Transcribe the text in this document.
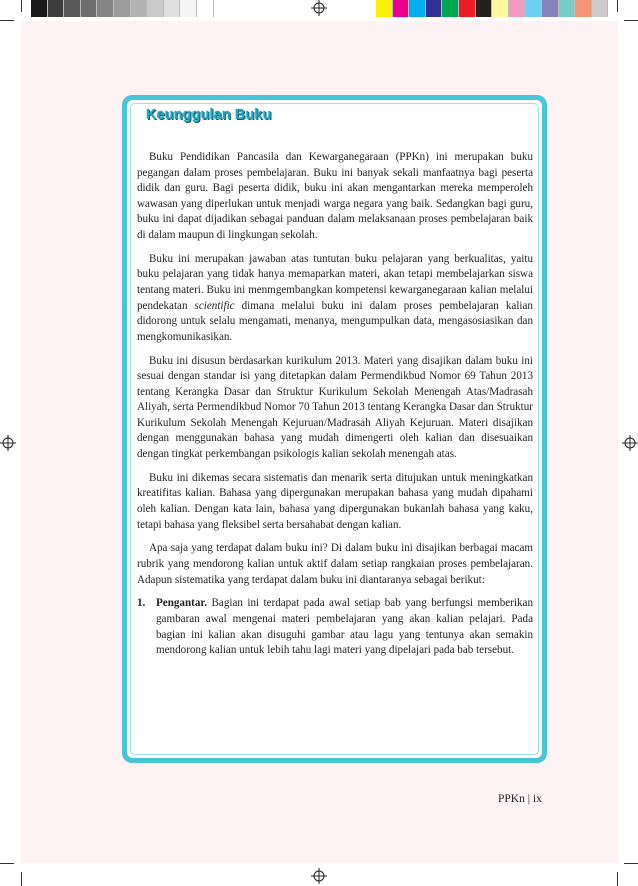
Keunggulan Buku

Buku Pendidikan Pancasila dan Kewarganegaraan (PPKn) ini merupakan buku pegangan dalam proses pembelajaran. Buku ini banyak sekali manfaatnya bagi peserta didik dan guru. Bagi peserta didik, buku ini akan mengantarkan mereka memperoleh wawasan yang diperlukan untuk menjadi warga negara yang baik. Sedangkan bagi guru, buku ini dapat dijadikan sebagai panduan dalam melaksanaan proses pembelajaran baik di dalam maupun di lingkungan sekolah.

Buku ini merupakan jawaban atas tuntutan buku pelajaran yang berkualitas, yaitu buku pelajaran yang tidak hanya memaparkan materi, akan tetapi membelajarkan siswa tentang materi. Buku ini menmgembangkan kompetensi kewarganegaraan kalian melalui pendekatan scientific dimana melalui buku ini dalam proses pembelajaran kalian didorong untuk selalu mengamati, menanya, mengumpulkan data, mengasosiasikan dan mengkomunikasikan.

Buku ini disusun berdasarkan kurikulum 2013. Materi yang disajikan dalam buku ini sesuai dengan standar isi yang ditetapkan dalam Permendikbud Nomor 69 Tahun 2013 tentang Kerangka Dasar dan Struktur Kurikulum Sekolah Menengah Atas/Madrasah Aliyah, serta Permendikbud Nomor 70 Tahun 2013 tentang Kerangka Dasar dan Struktur Kurikulum Sekolah Menengah Kejuruan/Madrasah Aliyah Kejuruan. Materi disajikan dengan menggunakan bahasa yang mudah dimengerti oleh kalian dan disesuaikan dengan tingkat perkembangan psikologis kalian sekolah menengah atas.

Buku ini dikemas secara sistematis dan menarik serta ditujukan untuk meningkatkan kreatifitas kalian. Bahasa yang dipergunakan merupakan bahasa yang mudah dipahami oleh kalian. Dengan kata lain, bahasa yang dipergunakan bukanlah bahasa yang kaku, tetapi bahasa yang fleksibel serta bersahabat dengan kalian.

Apa saja yang terdapat dalam buku ini? Di dalam buku ini disajikan berbagai macam rubrik yang mendorong kalian untuk aktif dalam setiap rangkaian proses pembelajaran. Adapun sistematika yang terdapat dalam buku ini diantaranya sebagai berikut:

1. Pengantar. Bagian ini terdapat pada awal setiap bab yang berfungsi memberikan gambaran awal mengenai materi pembelajaran yang akan kalian pelajari. Pada bagian ini kalian akan disuguhi gambar atau lagu yang tentunya akan semakin mendorong kalian untuk lebih tahu lagi materi yang dipelajari pada bab tersebut.
PPKn | ix
